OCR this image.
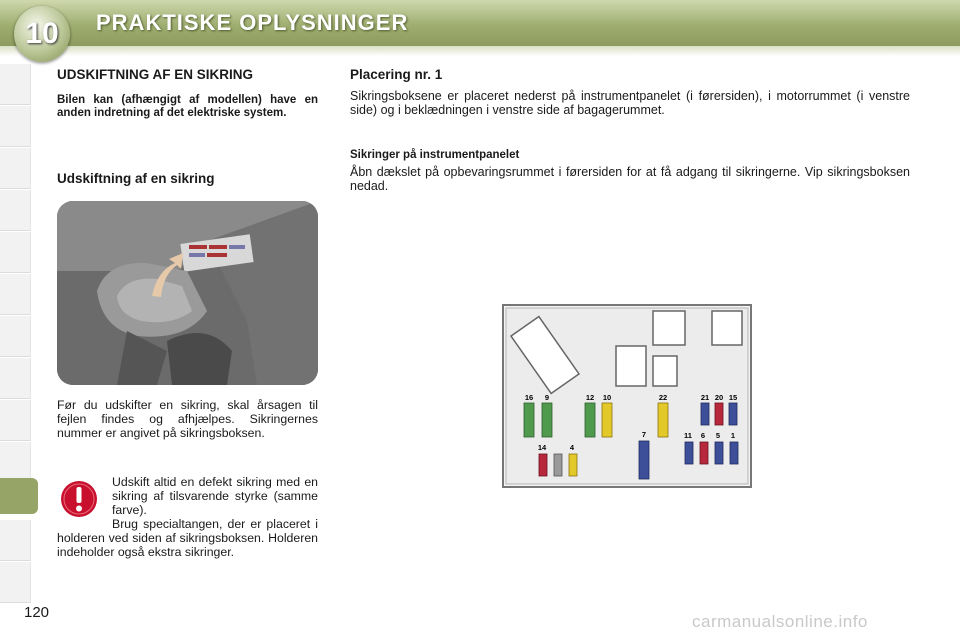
10	PRAKTISKE OPLYSNINGER
UDSKIFTNING AF EN SIKRING

Bilen kan (afhængigt af modellen) have en anden indretning af det elektriske system.

Udskiftning af en sikring

Før du udskifter en sikring, skal årsagen til fejlen findes og afhjælpes. Sikringernes nummer er angivet på sikringsboksen.

Udskift altid en defekt sikring med en sikring af tilsvarende styrke (samme farve).

Brug specialtangen, der er placeret i holderen ved siden af sikringsboksen. Holderen indeholder også ekstra sikringer.

Placering nr. 1

Sikringsboksene er placeret nederst på instrumentpanelet (i førersiden), i motorrummet (i venstre side) og i beklædningen i venstre side af bagagerummet.

Sikringer på instrumentpanelet

Åbn dækslet på opbevaringsrummet i førersiden for at få adgang til sikringerne. Vip sikringsboksen nedad.

16 9	12 10	22	21 20 15
14	4
7	11 6 5 1
120	carmanualsonline.info
